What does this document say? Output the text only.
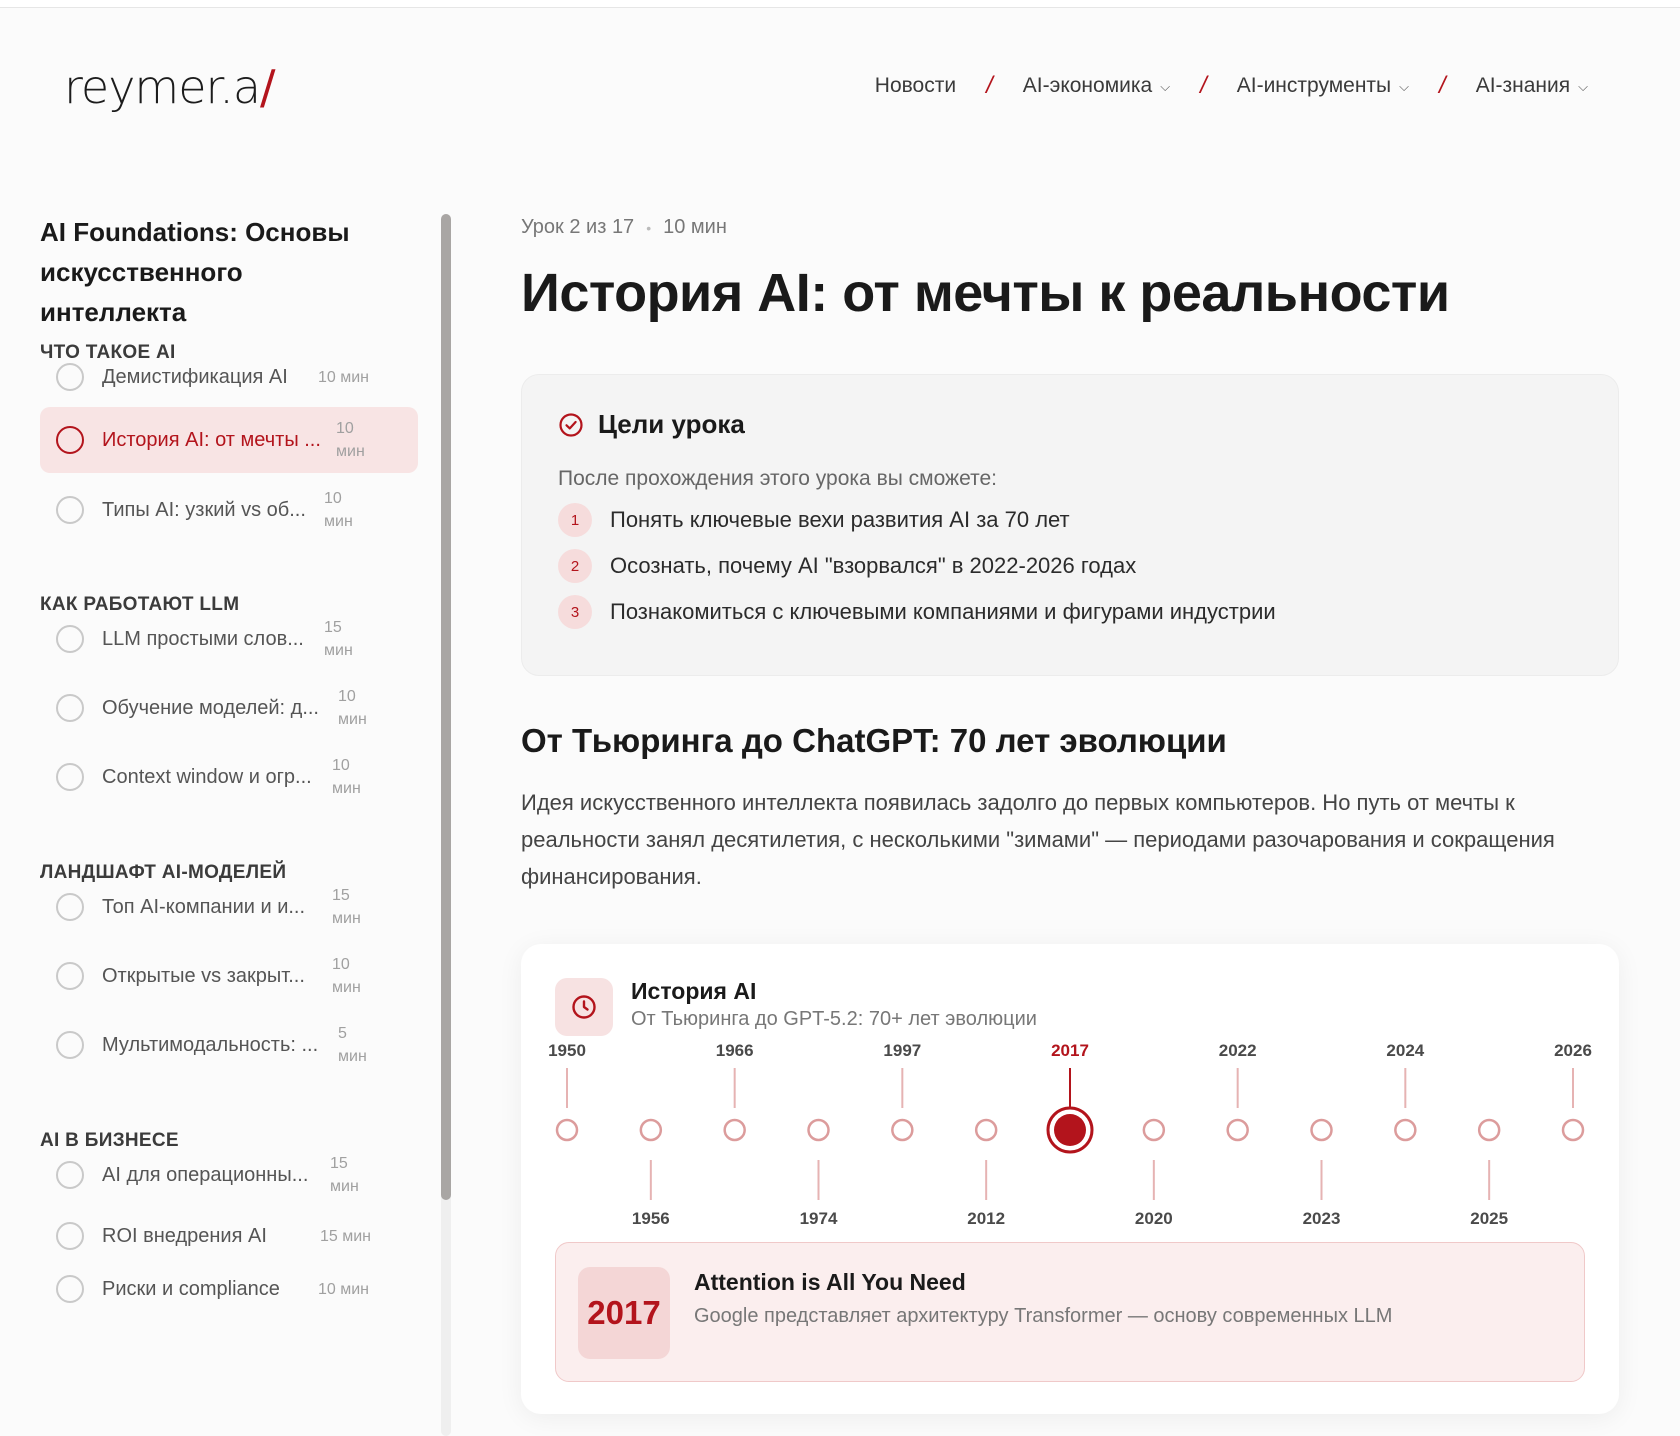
reymer.a/	Новости / AI-экономика ⌵ / AI-инструменты ⌵ / AI-знания ⌵
AI Foundations: Основы
искусственного
интеллекта
ЧТО ТАКОЕ AI
Демистификация AI 10 мин
История AI: от мечты ... 10
мин
Типы AI: узкий vs об... 10
мин
КАК РАБОТАЮТ LLM
LLM простыми слов... 15
мин
Обучение моделей: д... 10
мин
Context window и огр... 10
мин
ЛАНДШАФТ AI-МОДЕЛЕЙ
Топ AI-компании и и... 15
мин
Открытые vs закрыт... 10
мин
Мультимодальность: ... 5
мин
AI В БИЗНЕСЕ
AI для операционны... 15
мин
ROI внедрения AI	15 мин
Риски и compliance 10 мин
Урок 2 из 17 • 10 мин
История AI: от мечты к реальности
Цели урока
После прохождения этого урока вы сможете:
1	Понять ключевые вехи развития AI за 70 лет
2	Осознать, почему AI "взорвался" в 2022-2026 годах
3	Познакомиться с ключевыми компаниями и фигурами индустрии
От Тьюринга до ChatGPT: 70 лет эволюции

Идея искусственного интеллекта появилась задолго до первых компьютеров. Но путь от мечты к реальности занял десятилетия, с несколькими "зимами" — периодами разочарования и сокращения финансирования.

История AI
От Тьюринга до GPT-5.2: 70+ лет эволюции
1950
1956
1966
1974
1997
2012
2017
2020
2022
2023
2024
2025
2026
2017
Attention is All You Need
Google представляет архитектуру Transformer — основу современных LLM
